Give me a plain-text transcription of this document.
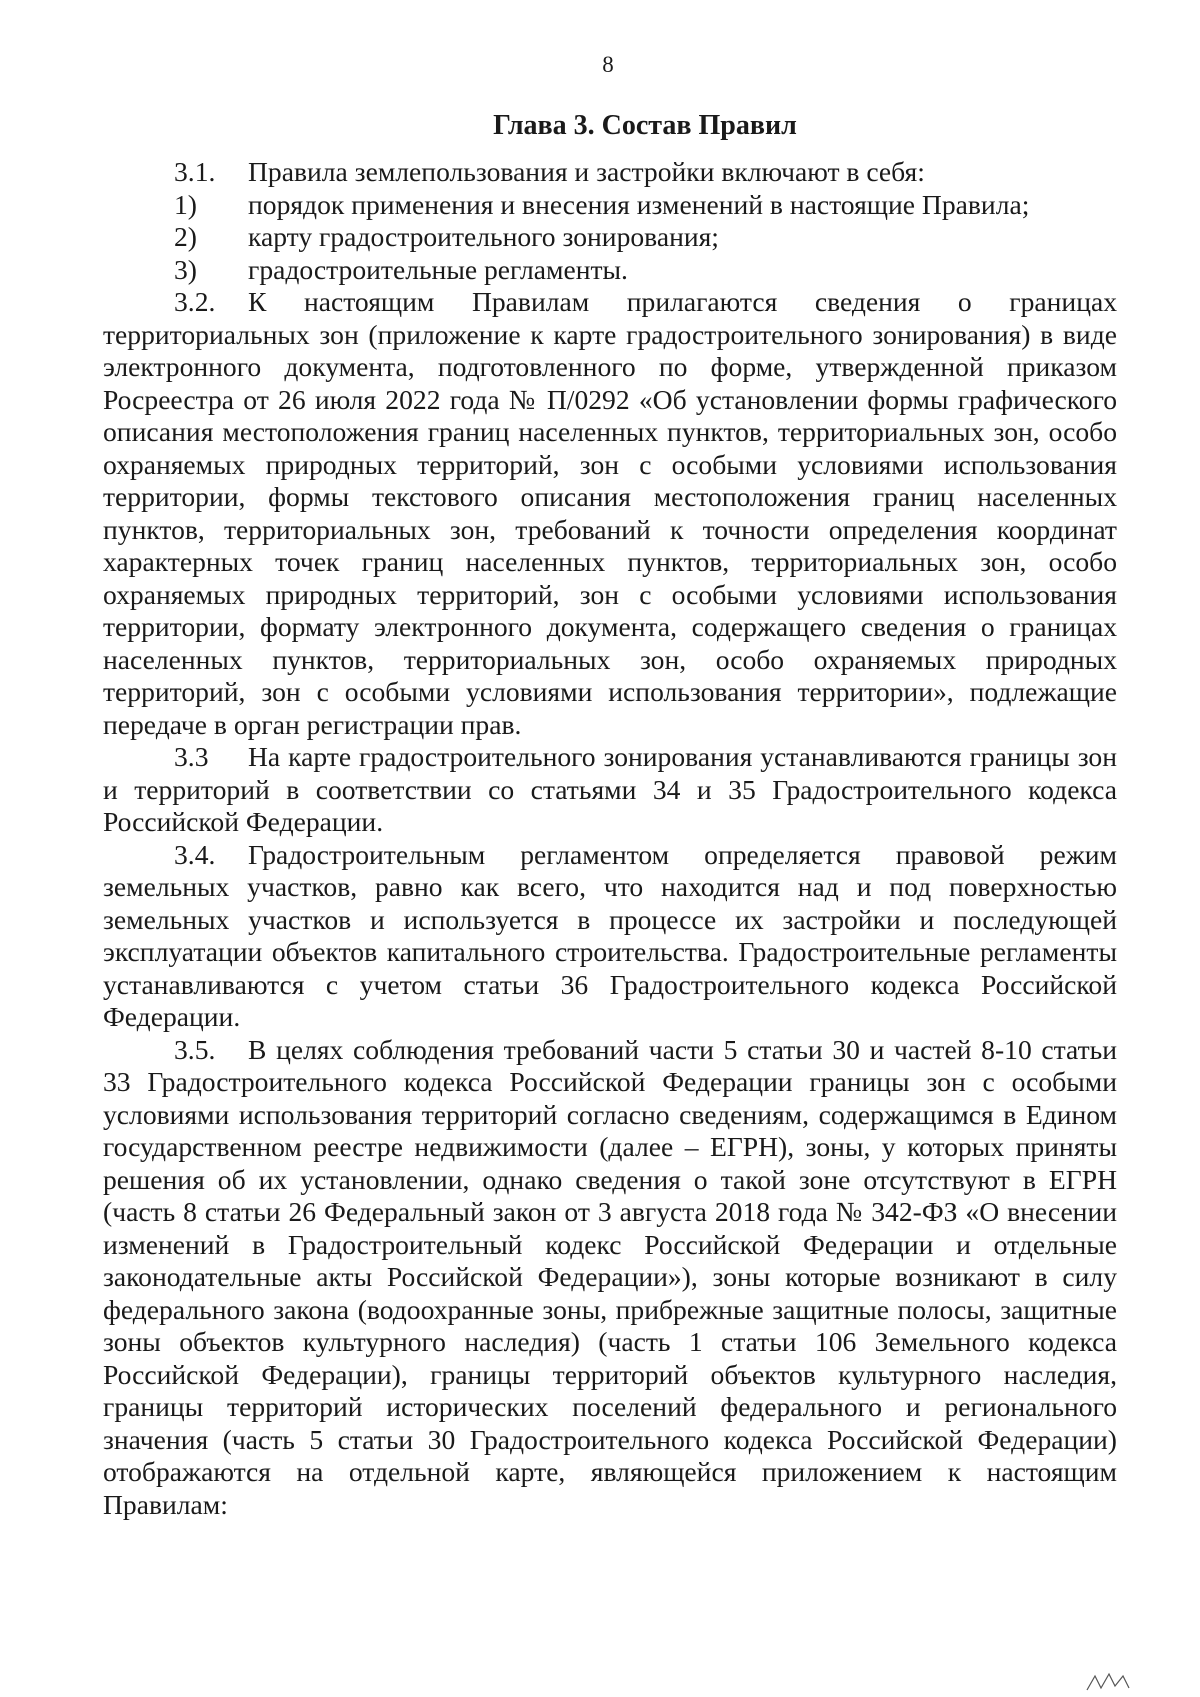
8
Глава 3. Состав Правил

3.1. Правила землепользования и застройки включают в себя:

1) порядок применения и внесения изменений в настоящие Правила;

2) карту градостроительного зонирования;

3) градостроительные регламенты.

3.2. К настоящим Правилам прилагаются сведения о границах территориальных зон (приложение к карте градостроительного зонирования) в виде электронного документа, подготовленного по форме, утвержденной приказом Росреестра от 26 июля 2022 года № П/0292 «Об установлении формы графического описания местоположения границ населенных пунктов, территориальных зон, особо охраняемых природных территорий, зон с особыми условиями использования территории, формы текстового описания местоположения границ населенных пунктов, территориальных зон, требований к точности определения координат характерных точек границ населенных пунктов, территориальных зон, особо охраняемых природных территорий, зон с особыми условиями использования территории, формату электронного документа, содержащего сведения о границах населенных пунктов, территориальных зон, особо охраняемых природных территорий, зон с особыми условиями использования территории», подлежащие передаче в орган регистрации прав.

3.3 На карте градостроительного зонирования устанавливаются границы зон и территорий в соответствии со статьями 34 и 35 Градостроительного кодекса Российской Федерации.

3.4. Градостроительным регламентом определяется правовой режим земельных участков, равно как всего, что находится над и под поверхностью земельных участков и используется в процессе их застройки и последующей эксплуатации объектов капитального строительства. Градостроительные регламенты устанавливаются с учетом статьи 36 Градостроительного кодекса Российской Федерации.

3.5. В целях соблюдения требований части 5 статьи 30 и частей 8-10 статьи 33 Градостроительного кодекса Российской Федерации границы зон с особыми условиями использования территорий согласно сведениям, содержащимся в Едином государственном реестре недвижимости (далее – ЕГРН), зоны, у которых приняты решения об их установлении, однако сведения о такой зоне отсутствуют в ЕГРН (часть 8 статьи 26 Федеральный закон от 3 августа 2018 года № 342-ФЗ «О внесении изменений в Градостроительный кодекс Российской Федерации и отдельные законодательные акты Российской Федерации»), зоны которые возникают в силу федерального закона (водоохранные зоны, прибрежные защитные полосы, защитные зоны объектов культурного наследия) (часть 1 статьи 106 Земельного кодекса Российской Федерации), границы территорий объектов культурного наследия, границы территорий исторических поселений федерального и регионального значения (часть 5 статьи 30 Градостроительного кодекса Российской Федерации) отображаются на отдельной карте, являющейся приложением к настоящим Правилам:
